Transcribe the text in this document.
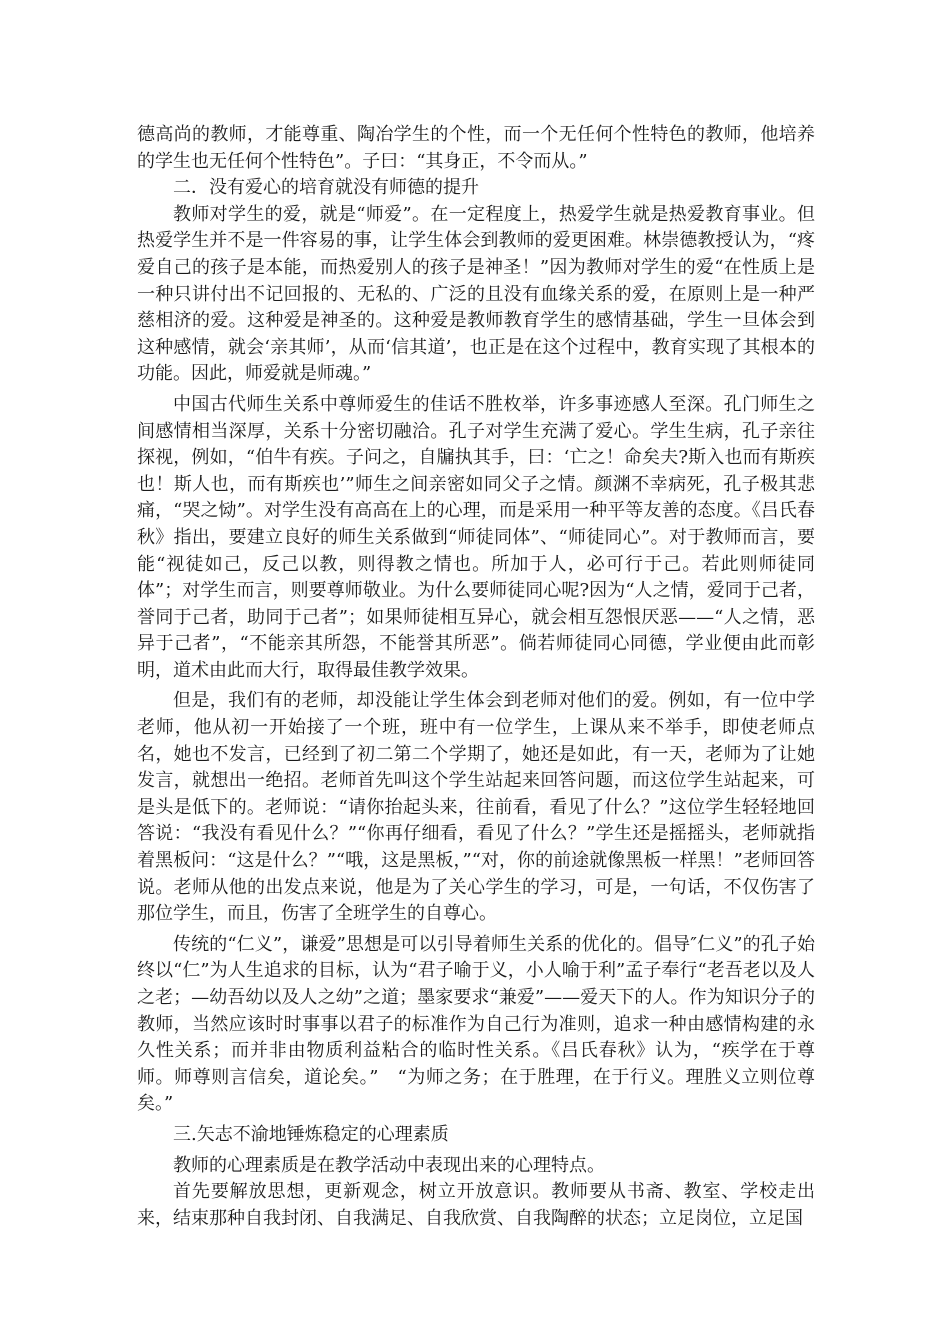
德高尚的教师，才能尊重、陶冶学生的个性，而一个无任何个性特色的教师，他培养的学生也无任何个性特色”。子曰：“其身正，不令而从。”

二．没有爱心的培育就没有师德的提升

教师对学生的爱，就是“师爱”。在一定程度上，热爱学生就是热爱教育事业。但热爱学生并不是一件容易的事，让学生体会到教师的爱更困难。林崇德教授认为，“疼爱自己的孩子是本能，而热爱别人的孩子是神圣！”因为教师对学生的爱“在性质上是一种只讲付出不记回报的、无私的、广泛的且没有血缘关系的爱，在原则上是一种严慈相济的爱。这种爱是神圣的。这种爱是教师教育学生的感情基础，学生一旦体会到这种感情，就会‘亲其师’，从而‘信其道’，也正是在这个过程中，教育实现了其根本的功能。因此，师爱就是师魂。”

中国古代师生关系中尊师爱生的佳话不胜枚举，许多事迹感人至深。孔门师生之间感情相当深厚，关系十分密切融洽。孔子对学生充满了爱心。学生生病，孔子亲往探视，例如，“伯牛有疾。子问之，自牖执其手，曰：‘亡之！命矣夫?斯入也而有斯疾也！斯人也，而有斯疾也’”师生之间亲密如同父子之情。颜渊不幸病死，孔子极其悲痛，“哭之恸”。对学生没有高高在上的心理，而是采用一种平等友善的态度。《吕氏春秋》指出，要建立良好的师生关系做到“师徒同体”、“师徒同心”。对于教师而言，要能“视徒如己，反己以教，则得教之情也。所加于人，必可行于己。若此则师徒同体”；对学生而言，则要尊师敬业。为什么要师徒同心呢?因为“人之情，爱同于己者，誉同于己者，助同于己者”；如果师徒相互异心，就会相互怨恨厌恶——“人之情，恶异于己者”，“不能亲其所怨，不能誉其所恶”。倘若师徒同心同德，学业便由此而彰明，道术由此而大行，取得最佳教学效果。

但是，我们有的老师，却没能让学生体会到老师对他们的爱。例如，有一位中学老师，他从初一开始接了一个班，班中有一位学生，上课从来不举手，即使老师点名，她也不发言，已经到了初二第二个学期了，她还是如此，有一天，老师为了让她发言，就想出一绝招。老师首先叫这个学生站起来回答问题，而这位学生站起来，可是头是低下的。老师说：“请你抬起头来，往前看，看见了什么？”这位学生轻轻地回答说：“我没有看见什么？”“你再仔细看，看见了什么？”学生还是摇摇头，老师就指着黑板问：“这是什么？”“哦，这是黑板，”“对，你的前途就像黑板一样黑！”老师回答说。老师从他的出发点来说，他是为了关心学生的学习，可是，一句话，不仅伤害了那位学生，而且，伤害了全班学生的自尊心。

传统的“仁义”，谦爱”思想是可以引导着师生关系的优化的。倡导″仁义”的孔子始终以“仁”为人生追求的目标，认为“君子喻于义，小人喻于利”孟子奉行“老吾老以及人之老；—幼吾幼以及人之幼”之道；墨家要求“兼爱”——爱天下的人。作为知识分子的教师，当然应该时时事事以君子的标准作为自己行为准则，追求一种由感情构建的永久性关系；而并非由物质利益粘合的临时性关系。《吕氏春秋》认为，“疾学在于尊师。师尊则言信矣，道论矣。”　“为师之务；在于胜理，在于行义。理胜义立则位尊矣。”

三.矢志不渝地锤炼稳定的心理素质

教师的心理素质是在教学活动中表现出来的心理特点。

首先要解放思想，更新观念，树立开放意识。教师要从书斋、教室、学校走出来，结束那种自我封闭、自我满足、自我欣赏、自我陶醉的状态；立足岗位，立足国
